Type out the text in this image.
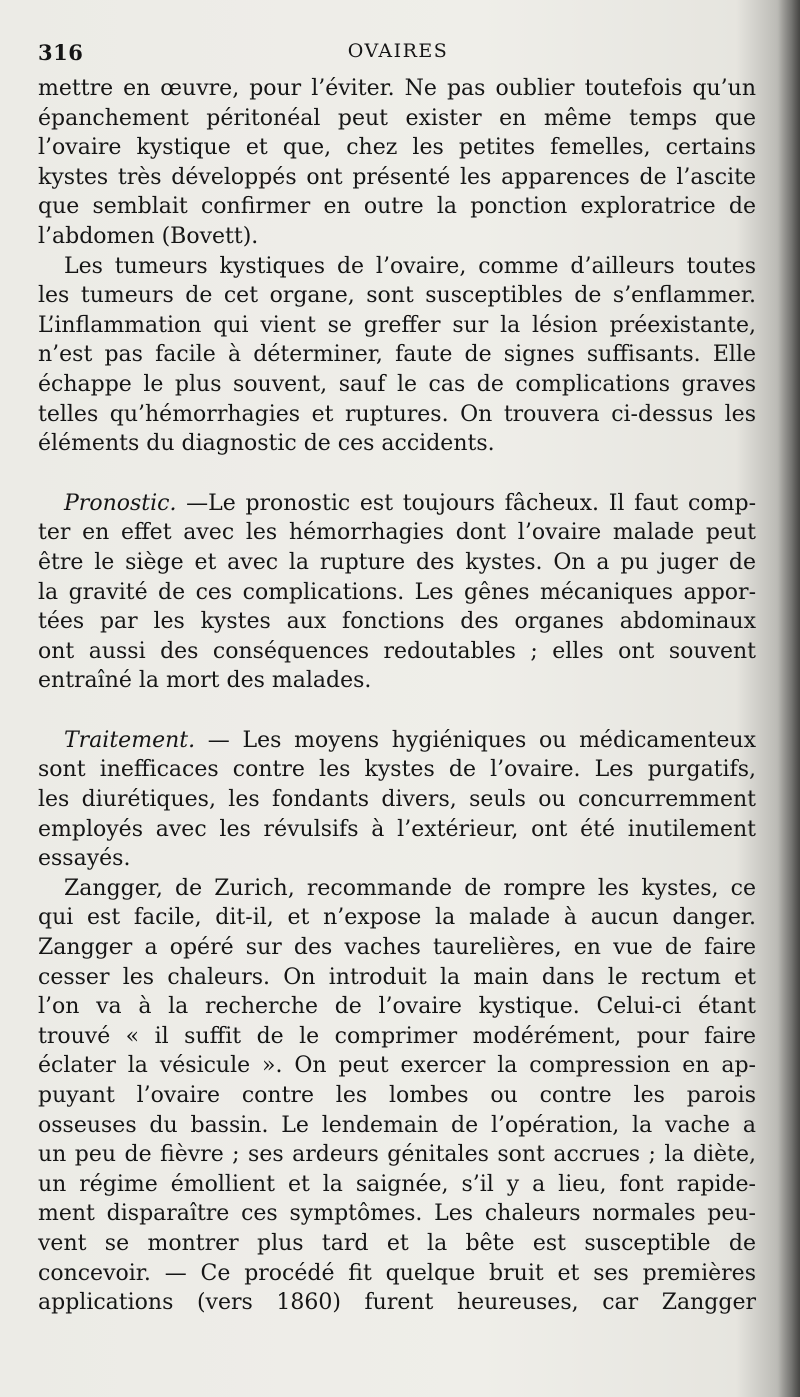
316	OVAIRES
mettre en œuvre, pour l’éviter. Ne pas oublier toutefois qu’un
épanchement péritonéal peut exister en même temps que
l’ovaire kystique et que, chez les petites femelles, certains
kystes très développés ont présenté les apparences de l’ascite
que semblait confirmer en outre la ponction exploratrice de
l’abdomen (Bovett).
Les tumeurs kystiques de l’ovaire, comme d’ailleurs toutes
les tumeurs de cet organe, sont susceptibles de s’enflammer.
L’inflammation qui vient se greffer sur la lésion préexistante,
n’est pas facile à déterminer, faute de signes suffisants. Elle
échappe le plus souvent, sauf le cas de complications graves
telles qu’hémorrhagies et ruptures. On trouvera ci-dessus les
éléments du diagnostic de ces accidents.
Pronostic. —Le pronostic est toujours fâcheux. Il faut comp-
ter en effet avec les hémorrhagies dont l’ovaire malade peut
être le siège et avec la rupture des kystes. On a pu juger de
la gravité de ces complications. Les gênes mécaniques appor-
tées par les kystes aux fonctions des organes abdominaux
ont aussi des conséquences redoutables ; elles ont souvent
entraîné la mort des malades.
Traitement. — Les moyens hygiéniques ou médicamenteux
sont inefficaces contre les kystes de l’ovaire. Les purgatifs,
les diurétiques, les fondants divers, seuls ou concurremment
employés avec les révulsifs à l’extérieur, ont été inutilement
essayés.
Zangger, de Zurich, recommande de rompre les kystes, ce
qui est facile, dit-il, et n’expose la malade à aucun danger.
Zangger a opéré sur des vaches taurelières, en vue de faire
cesser les chaleurs. On introduit la main dans le rectum et
l’on va à la recherche de l’ovaire kystique. Celui-ci étant
trouvé « il suffit de le comprimer modérément, pour faire
éclater la vésicule ». On peut exercer la compression en ap-
puyant l’ovaire contre les lombes ou contre les parois
osseuses du bassin. Le lendemain de l’opération, la vache a
un peu de fièvre ; ses ardeurs génitales sont accrues ; la diète,
un régime émollient et la saignée, s’il y a lieu, font rapide-
ment disparaître ces symptômes. Les chaleurs normales peu-
vent se montrer plus tard et la bête est susceptible de
concevoir. — Ce procédé fit quelque bruit et ses premières
applications (vers 1860) furent heureuses, car Zangger
